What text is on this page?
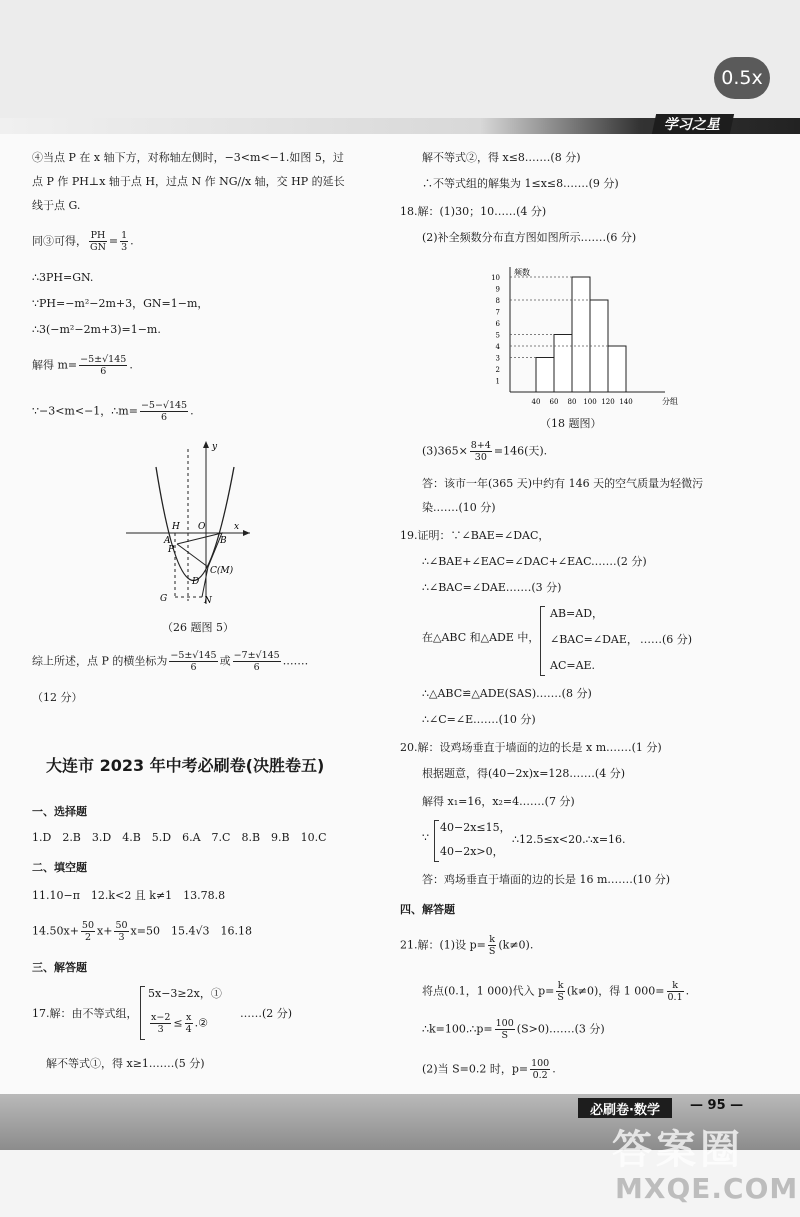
0.5x
学习之星
④当点 P 在 x 轴下方，对称轴左侧时，−3<m<−1.如图 5，过
点 P 作 PH⊥x 轴于点 H，过点 N 作 NG//x 轴，交 HP 的延长
线于点 G.
同③可得， $\frac{PH}{GN} = \frac{1}{3}$ .
∴3PH=GN.
∵PH=−m²−2m+3，GN=1−m，
∴3(−m²−2m+3)=1−m.
解得 $m= \frac{-5\pm√145}{6}$ .
∵−3<m<−1，∴m= $\frac{-5-√145}{6}$ .
y
x
H O
A	B
P
C(M)
D
G	N
（26 题图 5）
综上所述，点 P 的横坐标为 $\frac{-5\pm√145}{6}$ 或 $\frac{-7\pm√145}{6}$ .……
（12 分）
大连市 2023 年中考必刷卷(决胜卷五)
一、选择题
1.D　2.B　3.D　4.B　5.D　6.A　7.C　8.B　9.B　10.C
二、填空题
11.10−π　12.k<2 且 k≠1　13.78.8
$14.50x+ \frac{50}{2} x+ \frac{50}{3} x=50$　15.4√3　16.18
三、解答题
17.解：由不等式组，
5x−3≥2x，①
$\frac{x-2}{3} \le \frac{x}{4}$ .②
……(2 分)
解不等式①，得 x≥1.……(5 分)
解不等式②，得 x≤8.……(8 分)
∴不等式组的解集为 1≤x≤8.……(9 分)
18.解：(1)30；10……(4 分)
(2)补全频数分布直方图如图所示.……(6 分)
频数
分组
1
2
3
4
5
6
7
8
9
10
40 60 80 100 120 140
（18 题图）
$(3)365\times \frac{8+4}{30} =146$(天).
答：该市一年(365 天)中约有 146 天的空气质量为轻微污
染.……(10 分)
19.证明：∵∠BAE=∠DAC，
∴∠BAE+∠EAC=∠DAC+∠EAC.……(2 分)
∴∠BAC=∠DAE.……(3 分)
在△ABC 和△ADE 中，
AB=AD，
∠BAC=∠DAE，
AC=AE.
……(6 分)
∴△ABC≌△ADE(SAS).……(8 分)
∴∠C=∠E.……(10 分)
20.解：设鸡场垂直于墙面的边的长是 x m.……(1 分)
根据题意，得(40−2x)x=128.……(4 分)
解得 x₁=16，x₂=4.……(7 分)
∵
40−2x≤15，
40−2x>0，
∴12.5≤x<20.∴x=16.
答：鸡场垂直于墙面的边的长是 16 m.……(10 分)
四、解答题
21.解：(1)设 $p= \frac{k}{S} (k\ne 0)$.
将点(0.1，1 000)代入 $p= \frac{k}{S} (k\ne 0)$，得 1 $000= \frac{k}{0.1}$ .
∴k=100.∴p= $\frac{100}{S}$ (S>0).……(3 分)
(2)当 S=0.2 时，$p= \frac{100}{0.2}$ .
必刷卷·数学	— 95 —
答案圈
MXQE.COM
